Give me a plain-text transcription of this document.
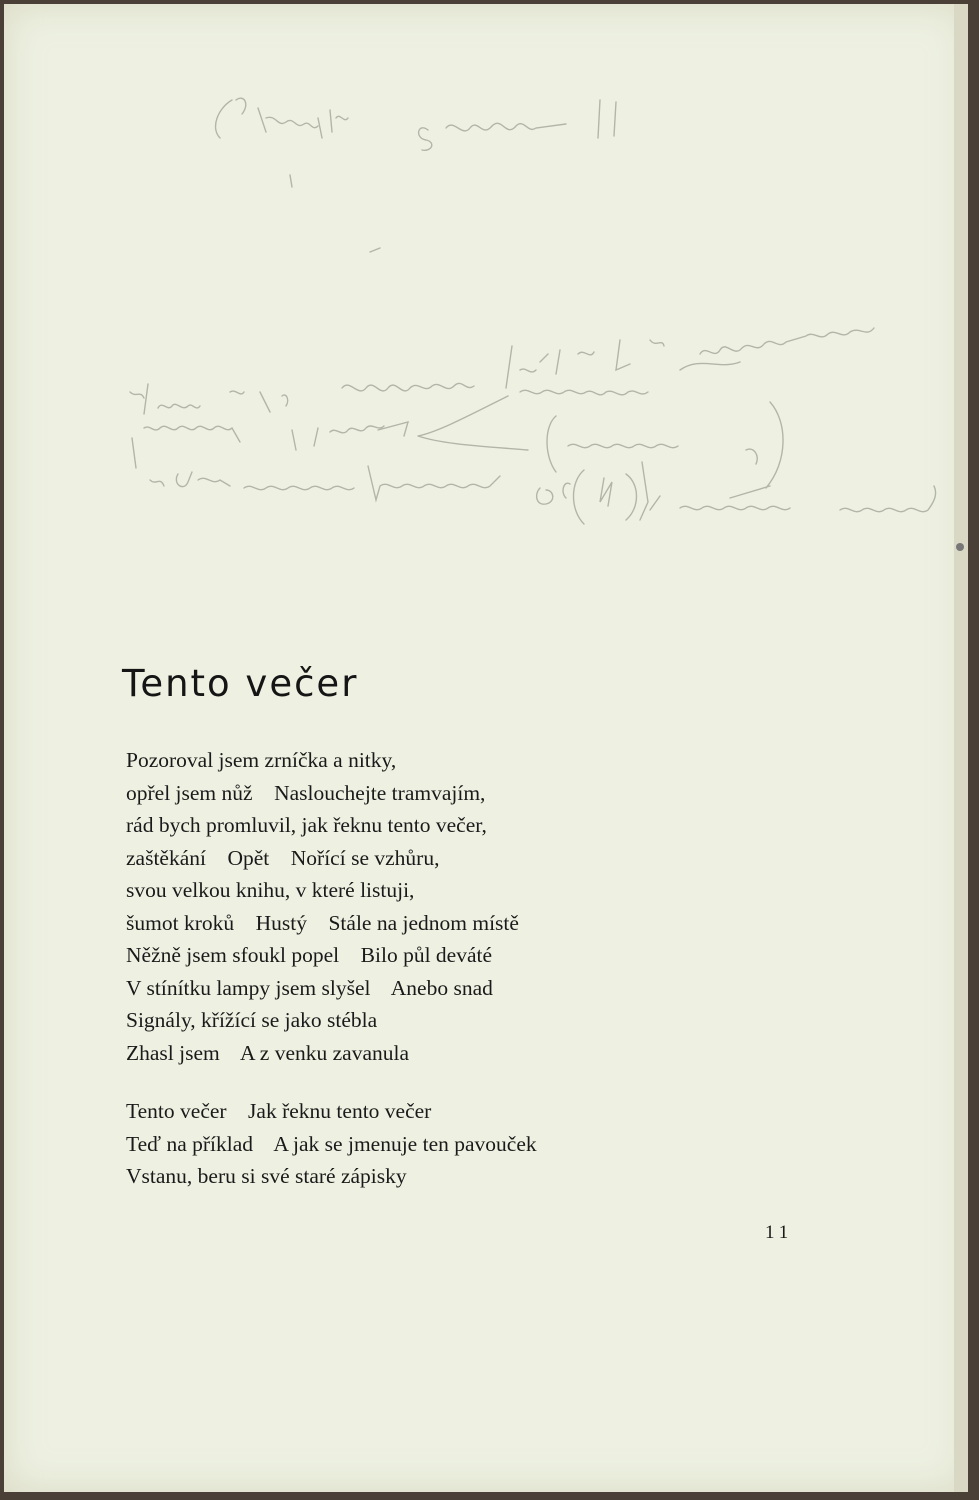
Tento večer
Pozoroval jsem zrníčka a nitky,
opřel jsem nůž    Naslouchejte tramvajím,
rád bych promluvil, jak řeknu tento večer,
zaštěkání    Opět    Nořící se vzhůru,
svou velkou knihu, v které listuji,
šumot kroků    Hustý    Stále na jednom místě
Něžně jsem sfoukl popel    Bilo půl deváté
V stínítku lampy jsem slyšel    Anebo snad
Signály, křížící se jako stébla
Zhasl jsem    A z venku zavanula
Tento večer    Jak řeknu tento večer
Teď na příklad    A jak se jmenuje ten pavouček
Vstanu, beru si své staré zápisky
11
